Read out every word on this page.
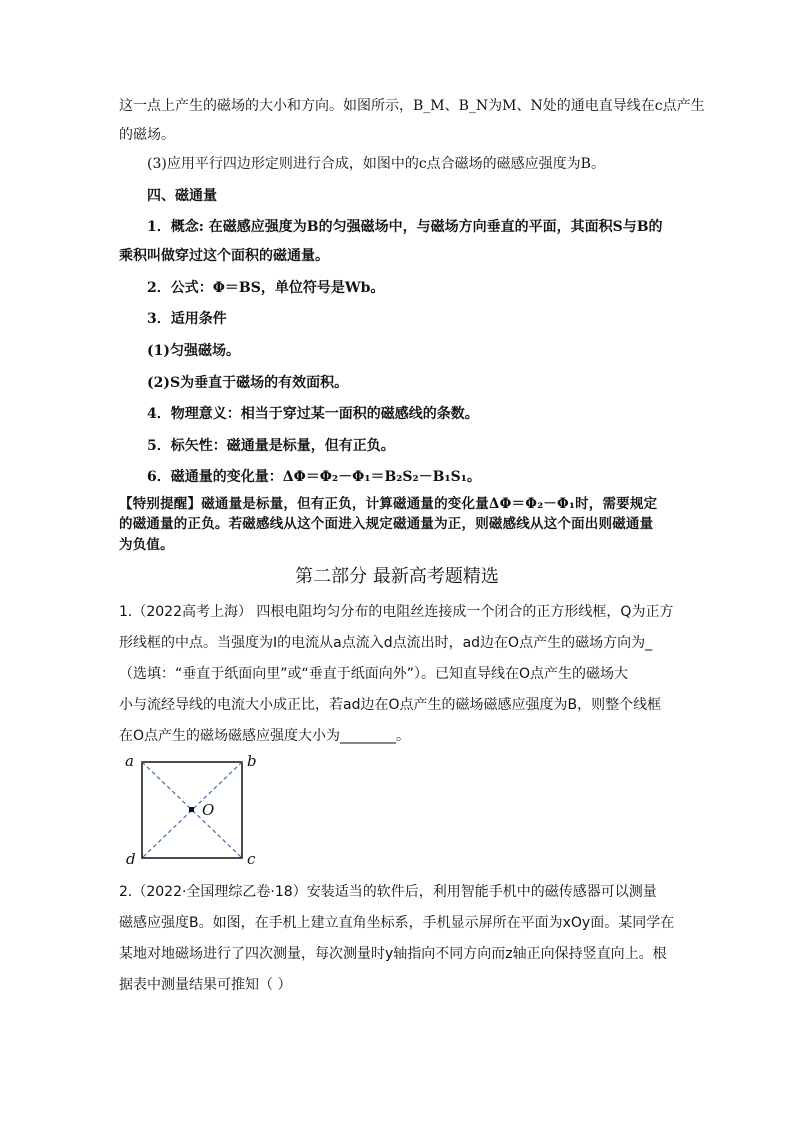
这一点上产生的磁场的大小和方向。如图所示，B_M、B_N为M、N处的通电直导线在c点产生
的磁场。
(3)应用平行四边形定则进行合成，如图中的c点合磁场的磁感应强度为B。
四、磁通量
1．概念: 在磁感应强度为B的匀强磁场中，与磁场方向垂直的平面，其面积S与B的
乘积叫做穿过这个面积的磁通量。
2．公式：Φ＝BS，单位符号是Wb。
3．适用条件
(1)匀强磁场。
(2)S为垂直于磁场的有效面积。
4．物理意义：相当于穿过某一面积的磁感线的条数。
5．标矢性：磁通量是标量，但有正负。
6．磁通量的变化量：ΔΦ＝Φ₂－Φ₁＝B₂S₂－B₁S₁。
【特别提醒】磁通量是标量，但有正负，计算磁通量的变化量ΔΦ＝Φ₂－Φ₁时，需要规定
的磁通量的正负。若磁感线从这个面进入规定磁通量为正，则磁感线从这个面出则磁通量
为负值。
第二部分 最新高考题精选
1.（2022高考上海） 四根电阻均匀分布的电阻丝连接成一个闭合的正方形线框，Q为正方
形线框的中点。当强度为I的电流从a点流入d点流出时，ad边在O点产生的磁场方向为_
（选填：“垂直于纸面向里”或“垂直于纸面向外”）。已知直导线在O点产生的磁场大
小与流经导线的电流大小成正比，若ad边在O点产生的磁场磁感应强度为B，则整个线框
在O点产生的磁场磁感应强度大小为________。
a	b
c
d
O
2.（2022·全国理综乙卷·18）安装适当的软件后，利用智能手机中的磁传感器可以测量
磁感应强度B。如图，在手机上建立直角坐标系，手机显示屏所在平面为xOy面。某同学在
某地对地磁场进行了四次测量，每次测量时y轴指向不同方向而z轴正向保持竖直向上。根
据表中测量结果可推知（ ）
